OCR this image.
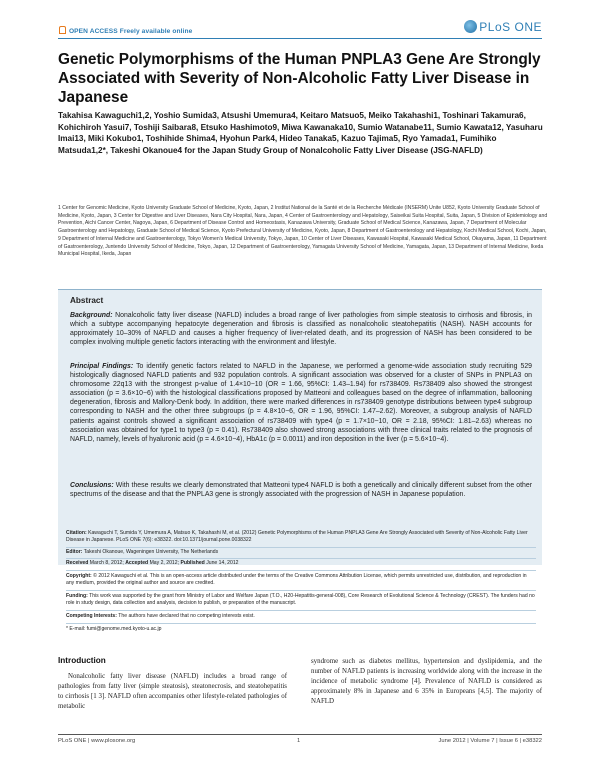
OPEN ACCESS Freely available online	PLoS ONE
Genetic Polymorphisms of the Human PNPLA3 Gene Are Strongly Associated with Severity of Non-Alcoholic Fatty Liver Disease in Japanese
Takahisa Kawaguchi1,2, Yoshio Sumida3, Atsushi Umemura4, Keitaro Matsuo5, Meiko Takahashi1, Toshinari Takamura6, Kohichiroh Yasui7, Toshiji Saibara8, Etsuko Hashimoto9, Miwa Kawanaka10, Sumio Watanabe11, Sumio Kawata12, Yasuharu Imai13, Miki Kokubo1, Toshihide Shima4, Hyohun Park4, Hideo Tanaka5, Kazuo Tajima5, Ryo Yamada1, Fumihiko Matsuda1,2*, Takeshi Okanoue4 for the Japan Study Group of Nonalcoholic Fatty Liver Disease (JSG-NAFLD)
1 Center for Genomic Medicine, Kyoto University Graduate School of Medicine, Kyoto, Japan, 2 Institut National de la Santé et de la Recherche Médicale (INSERM) Unite U852, Kyoto University Graduate School of Medicine, Kyoto, Japan, 3 Center for Digestive and Liver Diseases, Nara City Hospital, Nara, Japan, 4 Center of Gastroenterology and Hepatology, Saiseikai Suita Hospital, Suita, Japan, 5 Division of Epidemiology and Prevention, Aichi Cancer Center, Nagoya, Japan, 6 Department of Disease Control and Homeostasis, Kanazawa University, Graduate School of Medical Science, Kanazawa, Japan, 7 Department of Molecular Gastroenterology and Hepatology, Graduate School of Medical Science, Kyoto Prefectural University of Medicine, Kyoto, Japan, 8 Department of Gastroenterology and Hepatology, Kochi Medical School, Kochi, Japan, 9 Department of Internal Medicine and Gastroenterology, Tokyo Women's Medical University, Tokyo, Japan, 10 Center of Liver Diseases, Kawasaki Hospital, Kawasaki Medical School, Okayama, Japan, 11 Department of Gastroenterology, Juntendo University School of Medicine, Tokyo, Japan, 12 Department of Gastroenterology, Yamagata University School of Medicine, Yamagata, Japan, 13 Department of Internal Medicine, Ikeda Municipal Hospital, Ikeda, Japan
Abstract
Background: Nonalcoholic fatty liver disease (NAFLD) includes a broad range of liver pathologies from simple steatosis to cirrhosis and fibrosis, in which a subtype accompanying hepatocyte degeneration and fibrosis is classified as nonalcoholic steatohepatitis (NASH). NASH accounts for approximately 10–30% of NAFLD and causes a higher frequency of liver-related death, and its progression of NASH has been considered to be complex involving multiple genetic factors interacting with the environment and lifestyle.
Principal Findings: To identify genetic factors related to NAFLD in the Japanese, we performed a genome-wide association study recruiting 529 histologically diagnosed NAFLD patients and 932 population controls. A significant association was observed for a cluster of SNPs in PNPLA3 on chromosome 22q13 with the strongest p-value of 1.4×10−10 (OR = 1.66, 95%CI: 1.43–1.94) for rs738409. Rs738409 also showed the strongest association (p = 3.6×10−6) with the histological classifications proposed by Matteoni and colleagues based on the degree of inflammation, ballooning degeneration, fibrosis and Mallory-Denk body. In addition, there were marked differences in rs738409 genotype distributions between type4 subgroup corresponding to NASH and the other three subgroups (p = 4.8×10−6, OR = 1.96, 95%CI: 1.47–2.62). Moreover, a subgroup analysis of NAFLD patients against controls showed a significant association of rs738409 with type4 (p = 1.7×10−10, OR = 2.18, 95%CI: 1.81–2.63) whereas no association was obtained for type1 to type3 (p = 0.41). Rs738409 also showed strong associations with three clinical traits related to the prognosis of NAFLD, namely, levels of hyaluronic acid (p = 4.6×10−4), HbA1c (p = 0.0011) and iron deposition in the liver (p = 5.6×10−4).
Conclusions: With these results we clearly demonstrated that Matteoni type4 NAFLD is both a genetically and clinically different subset from the other spectrums of the disease and that the PNPLA3 gene is strongly associated with the progression of NASH in Japanese population.
Citation: Kawaguchi T, Sumida Y, Umemura A, Matsuo K, Takahashi M, et al. (2012) Genetic Polymorphisms of the Human PNPLA3 Gene Are Strongly Associated with Severity of Non-Alcoholic Fatty Liver Disease in Japanese. PLoS ONE 7(6): e38322. doi:10.1371/journal.pone.0038322
Editor: Takeshi Okanoue, Wageningen University, The Netherlands
Received March 8, 2012; Accepted May 2, 2012; Published June 14, 2012
Copyright: © 2012 Kawaguchi et al. This is an open-access article distributed under the terms of the Creative Commons Attribution License, which permits unrestricted use, distribution, and reproduction in any medium, provided the original author and source are credited.
Funding: This work was supported by the grant from Ministry of Labor and Welfare Japan (T.O., H20-Hepatitis-general-008), Core Research of Evolutional Science & Technology (CREST). The funders had no role in study design, data collection and analysis, decision to publish, or preparation of the manuscript.
Competing Interests: The authors have declared that no competing interests exist.
* E-mail: fumi@genome.med.kyoto-u.ac.jp
Introduction
Nonalcoholic fatty liver disease (NAFLD) includes a broad range of pathologies from fatty liver (simple steatosis), steatonecrosis, and steatohepatitis to cirrhosis [1 3]. NAFLD often accompanies other lifestyle-related pathologies of metabolic
syndrome such as diabetes mellitus, hypertension and dyslipidemia, and the number of NAFLD patients is increasing worldwide along with the increase in the incidence of metabolic syndrome [4]. Prevalence of NAFLD is considered as approximately 8% in Japanese and 6 35% in Europeans [4,5]. The majority of NAFLD
PLoS ONE | www.plosone.org	1	June 2012 | Volume 7 | Issue 6 | e38322
